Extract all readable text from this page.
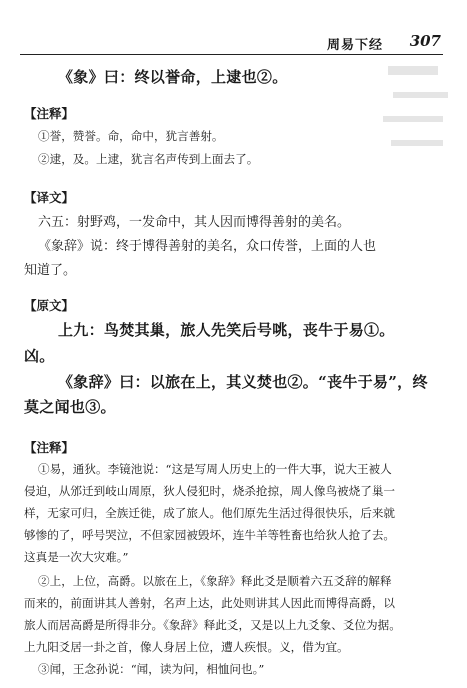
周易下经 307
《象》曰：终以誉命，上逮也②。
【注释】
①誉，赞誉。命，命中，犹言善射。
②逮，及。上逮，犹言名声传到上面去了。
【译文】
六五：射野鸡，一发命中，其人因而博得善射的美名。
《象辞》说：终于博得善射的美名，众口传誉，上面的人也
知道了。
【原文】
上九：鸟焚其巢，旅人先笑后号咷，丧牛于易①。
凶。
《象辞》曰：以旅在上，其义焚也②。“丧牛于易”，终
莫之闻也③。
【注释】
①易，通狄。李镜池说：“这是写周人历史上的一件大事，说大王被人
侵迫，从邠迁到岐山周原，狄人侵犯时，烧杀抢掠，周人像鸟被烧了巢一
样，无家可归，全族迁徙，成了旅人。他们原先生活过得很快乐，后来就
够惨的了，呼号哭泣，不但家园被毁坏，连牛羊等牲畜也给狄人抢了去。
这真是一次大灾难。”
②上，上位，高爵。以旅在上，《象辞》释此爻是顺着六五爻辞的解释
而来的，前面讲其人善射，名声上达，此处则讲其人因此而博得高爵，以
旅人而居高爵是所得非分。《象辞》释此爻，又是以上九爻象、爻位为据。
上九阳爻居一卦之首，像人身居上位，遭人疾恨。义，借为宜。
③闻，王念孙说：“闻，读为问，相恤问也。”
